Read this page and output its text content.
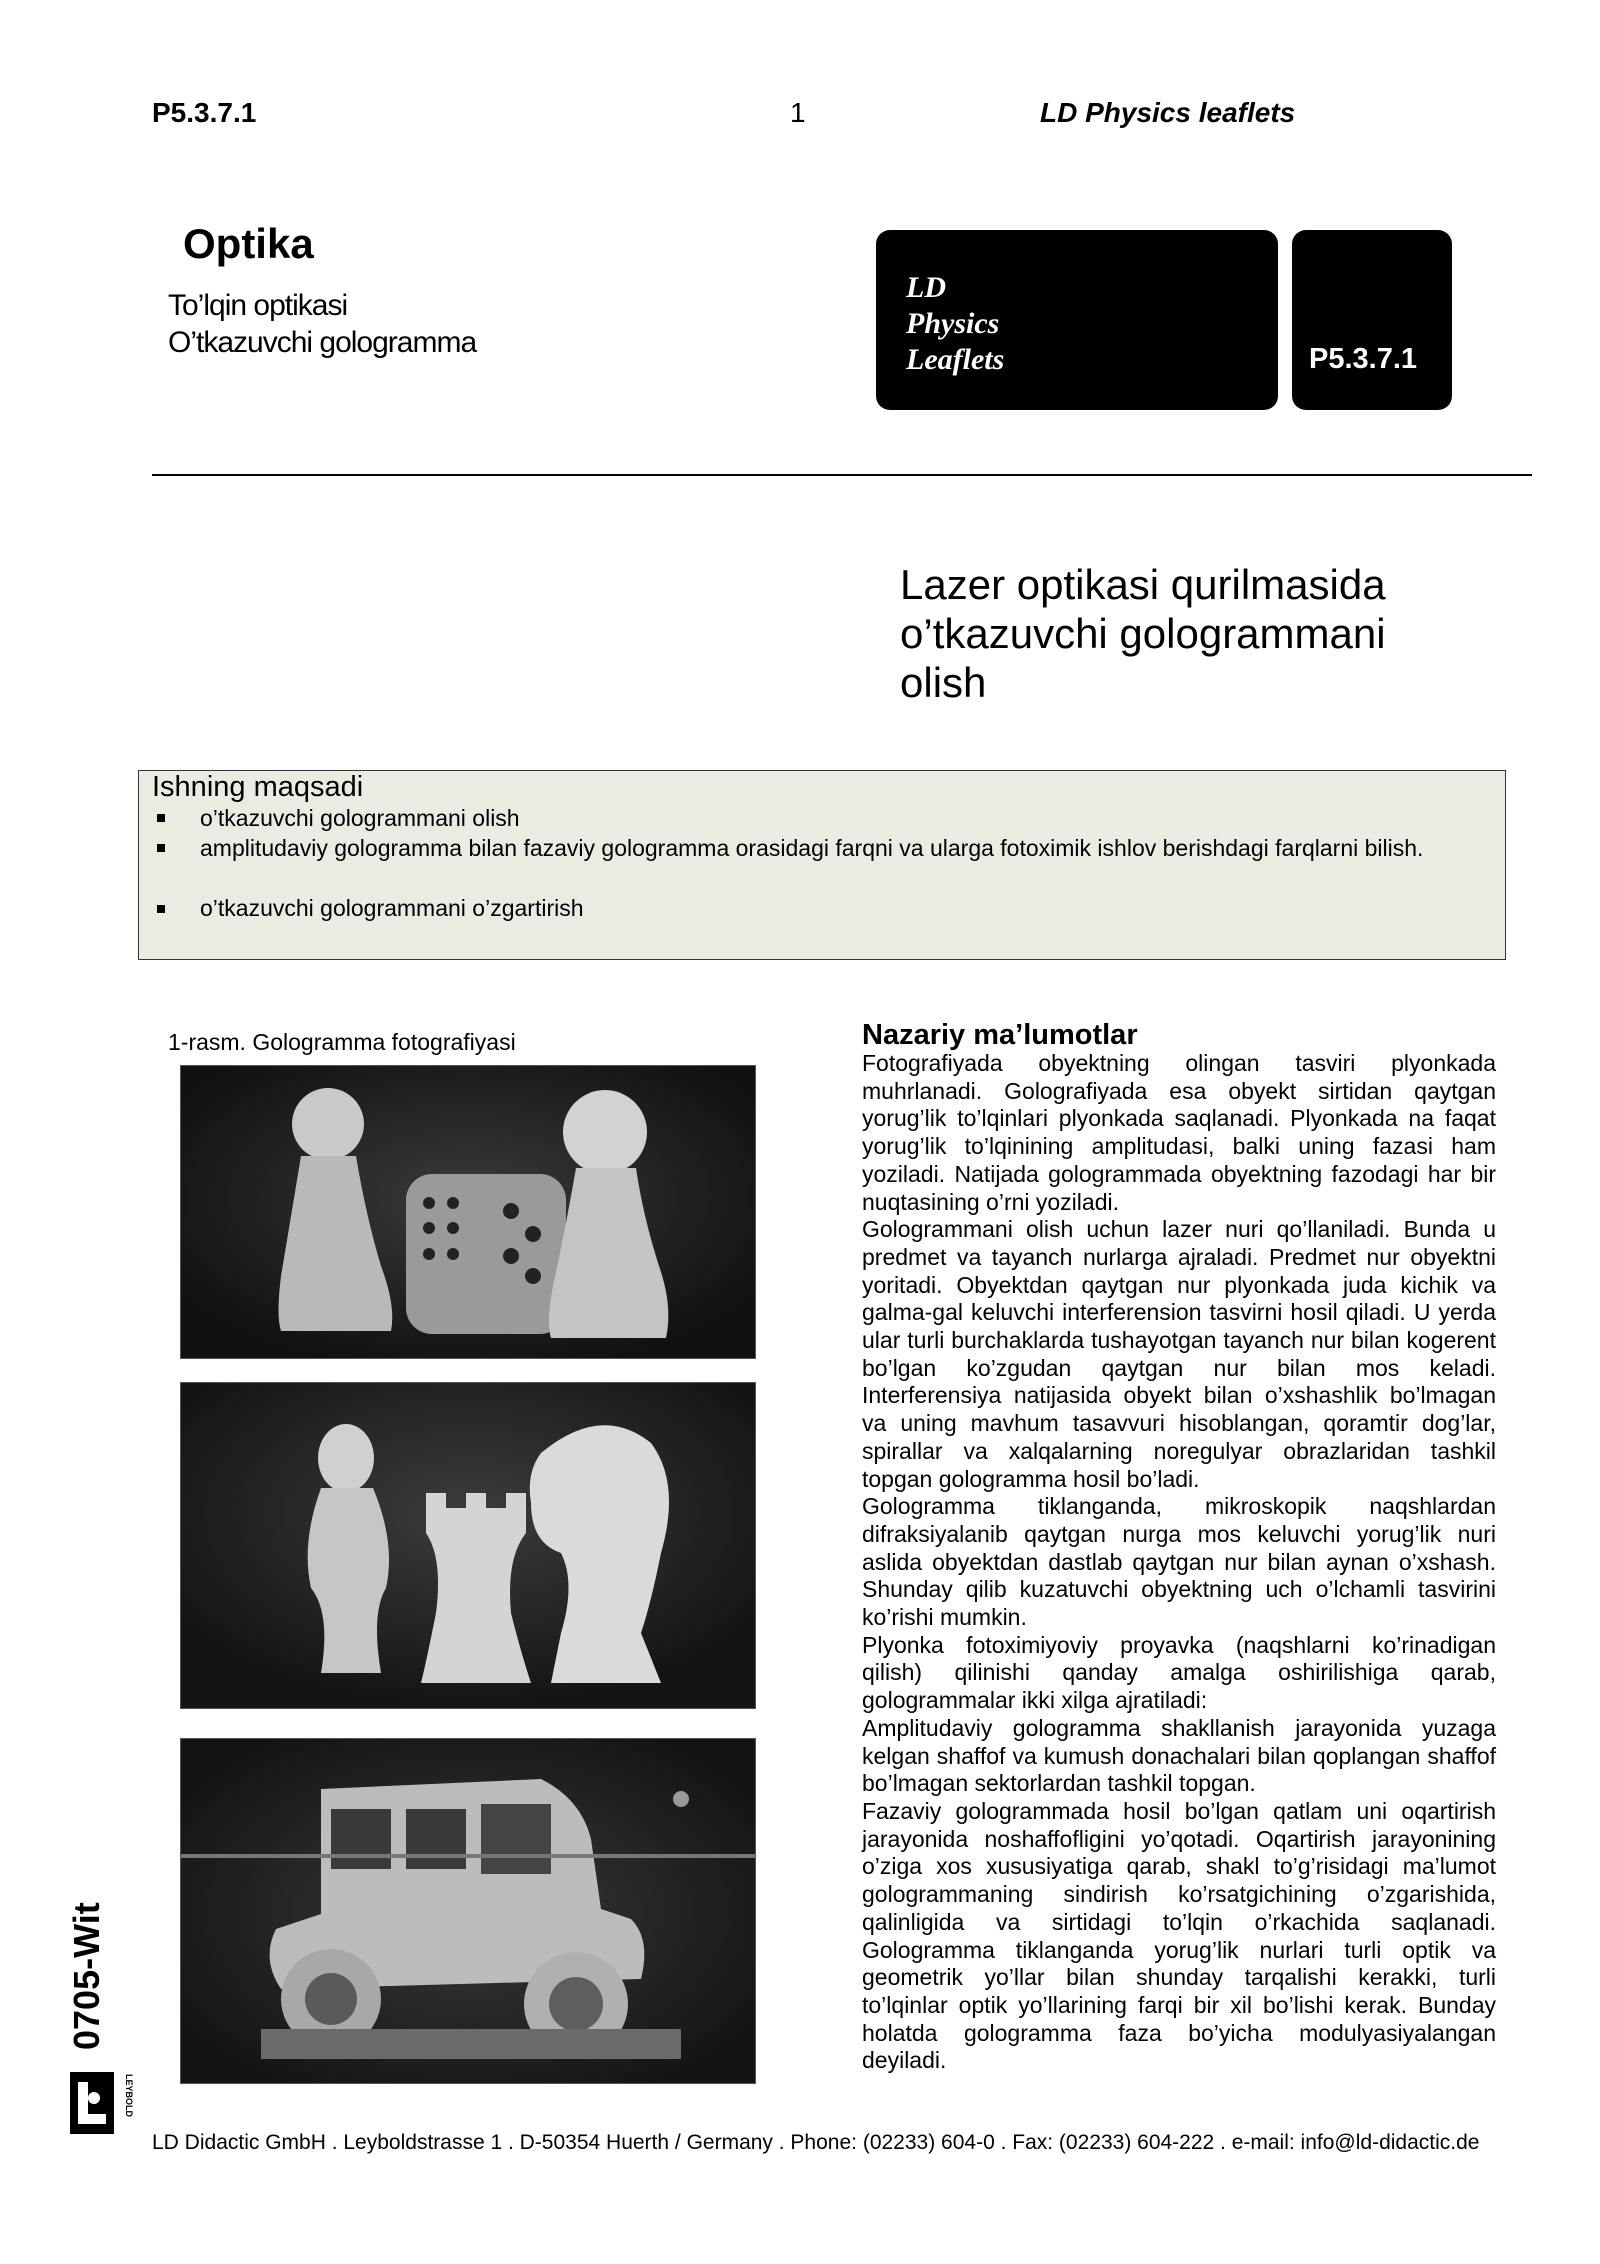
P5.3.7.1	1	LD Physics leaflets
Optika
To’lqin optikasi
O’tkazuvchi gologramma
LD
Physics
Leaflets	P5.3.7.1
Lazer optikasi qurilmasida
o’tkazuvchi gologrammani
olish
Ishning maqsadi
o’tkazuvchi gologrammani olish
amplitudaviy gologramma bilan fazaviy gologramma orasidagi farqni va ularga fotoximik ishlov berishdagi farqlarni bilish.
o’tkazuvchi gologrammani o’zgartirish
1-rasm. Gologramma fotografiyasi	Nazariy ma’lumotlar

Fotografiyada obyektning olingan tasviri plyonkada muhrlanadi. Golografiyada esa obyekt sirtidan qaytgan yorug’lik to’lqinlari plyonkada saqlanadi. Plyonkada na faqat yorug’lik to’lqinining amplitudasi, balki uning fazasi ham yoziladi. Natijada gologrammada obyektning fazodagi har bir nuqtasining o’rni yoziladi.

Gologrammani olish uchun lazer nuri qo’llaniladi. Bunda u predmet va tayanch nurlarga ajraladi. Predmet nur obyektni yoritadi. Obyektdan qaytgan nur plyonkada juda kichik va galma-gal keluvchi interferension tasvirni hosil qiladi. U yerda ular turli burchaklarda tushayotgan tayanch nur bilan kogerent bo’lgan ko’zgudan qaytgan nur bilan mos keladi. Interferensiya natijasida obyekt bilan o’xshashlik bo’lmagan va uning mavhum tasavvuri hisoblangan, qoramtir dog’lar, spirallar va xalqalarning noregulyar obrazlaridan tashkil topgan gologramma hosil bo’ladi.

Gologramma tiklanganda, mikroskopik naqshlardan difraksiyalanib qaytgan nurga mos keluvchi yorug’lik nuri aslida obyektdan dastlab qaytgan nur bilan aynan o’xshash. Shunday qilib kuzatuvchi obyektning uch o’lchamli tasvirini ko’rishi mumkin.

Plyonka fotoximiyoviy proyavka (naqshlarni ko’rinadigan qilish) qilinishi qanday amalga oshirilishiga qarab, gologrammalar ikki xilga ajratiladi:

Amplitudaviy gologramma shakllanish jarayonida yuzaga kelgan shaffof va kumush donachalari bilan qoplangan shaffof bo’lmagan sektorlardan tashkil topgan.

Fazaviy gologrammada hosil bo’lgan qatlam uni oqartirish jarayonida noshaffofligini yo’qotadi. Oqartirish jarayonining o’ziga xos xususiyatiga qarab, shakl to’g’risidagi ma’lumot gologrammaning sindirish ko’rsatgichining o’zgarishida, qalinligida va sirtidagi to’lqin o’rkachida saqlanadi. Gologramma tiklanganda yorug’lik nurlari turli optik va geometrik yo’llar bilan shunday tarqalishi kerakki, turli to’lqinlar optik yo’llarining farqi bir xil bo’lishi kerak. Bunday holatda gologramma faza bo’yicha modulyasiyalangan deyiladi.

0705-Wit
LEYBOLD
LD Didactic GmbH . Leyboldstrasse 1 . D-50354 Huerth / Germany . Phone: (02233) 604-0 . Fax: (02233) 604-222 . e-mail: info@ld-didactic.de
